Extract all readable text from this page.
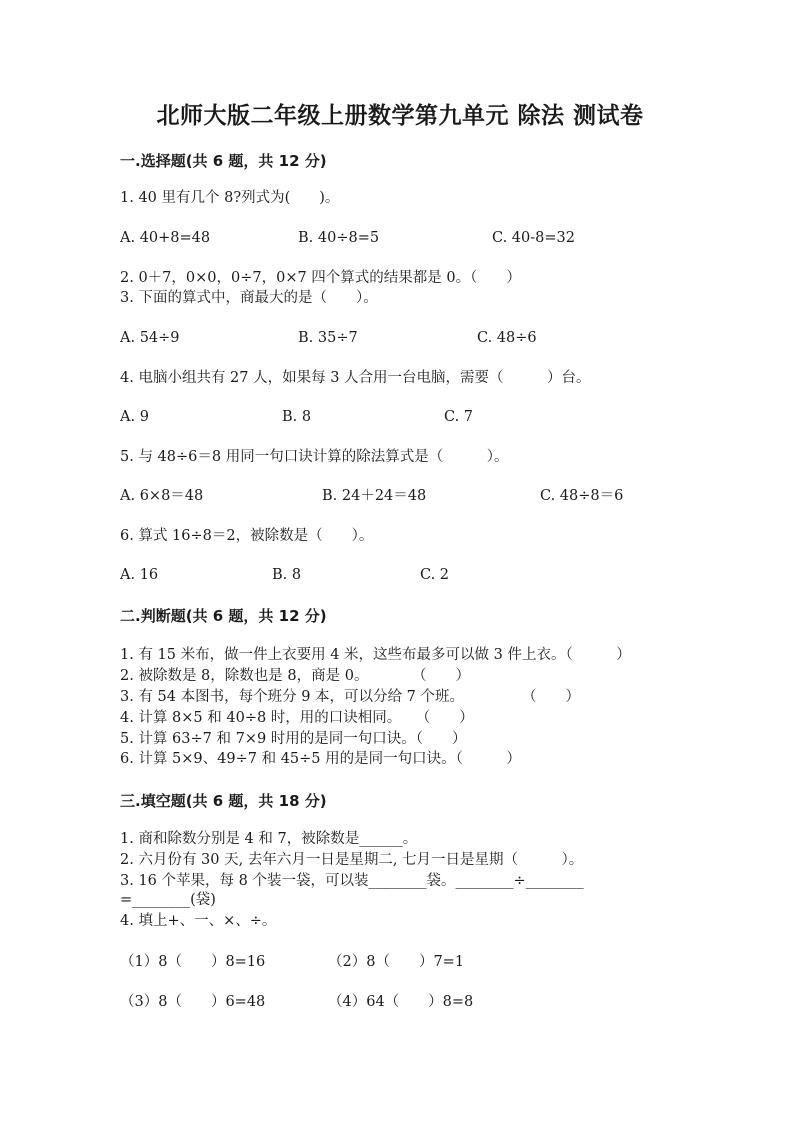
北师大版二年级上册数学第九单元 除法 测试卷
一.选择题(共 6 题，共 12 分)
1. 40 里有几个 8?列式为(　　)。
A. 40+8=48	B. 40÷8=5	C. 40-8=32
2. 0＋7，0×0，0÷7，0×7 四个算式的结果都是 0。（　　）
3. 下面的算式中，商最大的是（　　）。
A. 54÷9	B. 35÷7	C. 48÷6
4. 电脑小组共有 27 人，如果每 3 人合用一台电脑，需要（　　　）台。
A. 9	B. 8	C. 7
5. 与 48÷6＝8 用同一句口诀计算的除法算式是（　　　）。
A. 6×8＝48	B. 24＋24＝48	C. 48÷8＝6
6. 算式 16÷8＝2，被除数是（　　）。
A. 16	B. 8	C. 2
二.判断题(共 6 题，共 12 分)
1. 有 15 米布，做一件上衣要用 4 米，这些布最多可以做 3 件上衣。（　　　）
2. 被除数是 8，除数也是 8，商是 0。　　　　（　　）
3. 有 54 本图书，每个班分 9 本，可以分给 7 个班。　　　　　（　　）
4. 计算 8×5 和 40÷8 时，用的口诀相同。　　（　　）
5. 计算 63÷7 和 7×9 时用的是同一句口诀。（　　）
6. 计算 5×9、49÷7 和 45÷5 用的是同一句口诀。（　　　）
三.填空题(共 6 题，共 18 分)
1. 商和除数分别是 4 和 7，被除数是______。
2. 六月份有 30 天, 去年六月一日是星期二, 七月一日是星期（　　　）。
3. 16 个苹果，每 8 个装一袋，可以装________袋。________÷________
=________(袋)
4. 填上+、一、×、÷。
（1）8（　　）8=16	（2）8（　　）7=1
（3）8（　　）6=48	（4）64（　　）8=8
